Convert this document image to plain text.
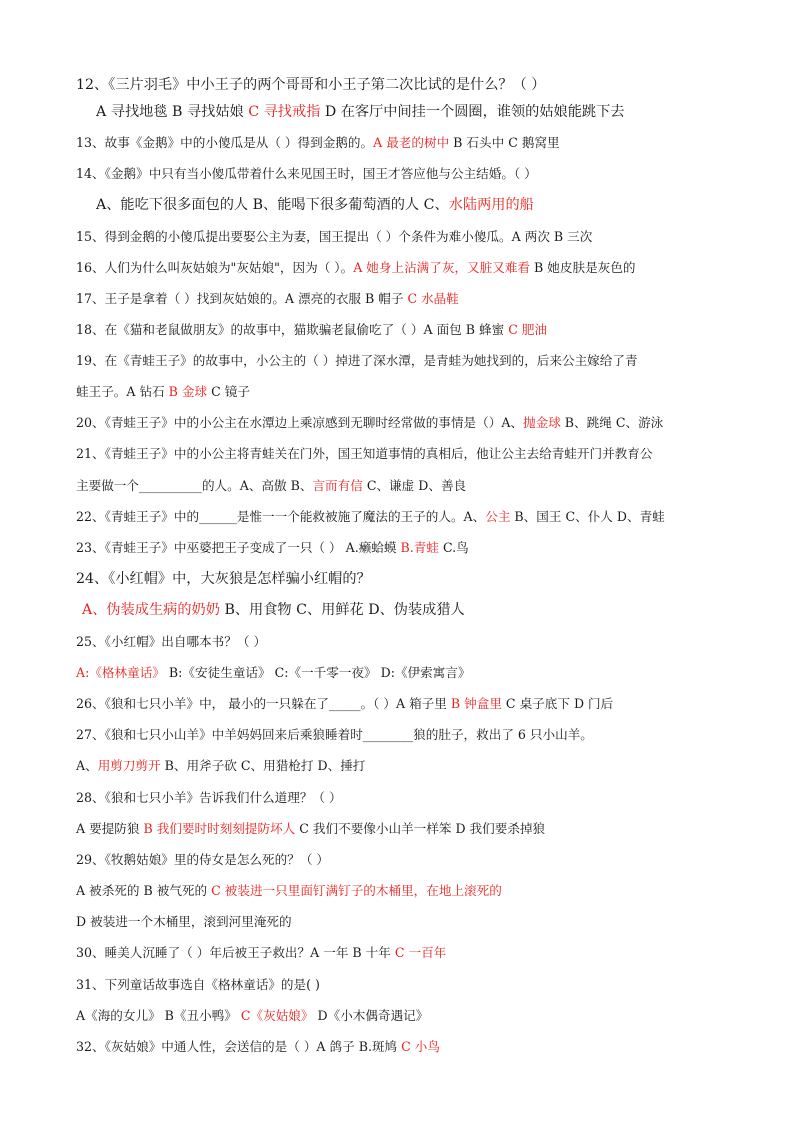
12、《三片羽毛》中小王子的两个哥哥和小王子第二次比试的是什么？（ ）
A 寻找地毯 B 寻找姑娘 C 寻找戒指 D 在客厅中间挂一个圆圈，谁领的姑娘能跳下去
13、故事《金鹅》中的小傻瓜是从（ ）得到金鹅的。A 最老的树中 B 石头中 C 鹅窝里
14、《金鹅》中只有当小傻瓜带着什么来见国王时，国王才答应他与公主结婚。（ ）
A、能吃下很多面包的人 B、能喝下很多葡萄酒的人 C、水陆两用的船
15、得到金鹅的小傻瓜提出要娶公主为妻，国王提出（ ）个条件为难小傻瓜。A 两次 B 三次
16、人们为什么叫灰姑娘为"灰姑娘"，因为（ ）。A 她身上沾满了灰，又脏又难看 B 她皮肤是灰色的
17、王子是拿着（ ）找到灰姑娘的。A 漂亮的衣服 B 帽子 C 水晶鞋
18、在《猫和老鼠做朋友》的故事中，猫欺骗老鼠偷吃了（ ）A 面包 B 蜂蜜 C 肥油
19、在《青蛙王子》的故事中，小公主的（ ）掉进了深水潭，是青蛙为她找到的，后来公主嫁给了青
蛙王子。A 钻石 B 金球 C 镜子
20、《青蛙王子》中的小公主在水潭边上乘凉感到无聊时经常做的事情是（）A、抛金球 B、跳绳 C、游泳
21、《青蛙王子》中的小公主将青蛙关在门外，国王知道事情的真相后，他让公主去给青蛙开门并教育公
主要做一个__________的人。A、高傲 B、言而有信 C、谦虚 D、善良
22、《青蛙王子》中的______是惟一一个能救被施了魔法的王子的人。A、公主 B、国王 C、仆人 D、青蛙
23、《青蛙王子》中巫婆把王子变成了一只（ ） A.癞蛤蟆 B.青蛙 C.鸟
24、《小红帽》中，大灰狼是怎样骗小红帽的？
A、伪装成生病的奶奶 B、用食物 C、用鲜花 D、伪装成猎人
25、《小红帽》出自哪本书？（ ）
A:《格林童话》 B:《安徒生童话》 C:《一千零一夜》 D:《伊索寓言》
26、《狼和七只小羊》中， 最小的一只躲在了_____。（ ）A 箱子里 B 钟盒里 C 桌子底下 D 门后
27、《狼和七只小山羊》中羊妈妈回来后乘狼睡着时________狼的肚子，救出了 6 只小山羊。
A、用剪刀剪开 B、用斧子砍 C、用猎枪打 D、捶打
28、《狼和七只小羊》告诉我们什么道理？（ ）
A 要提防狼 B 我们要时时刻刻提防坏人 C 我们不要像小山羊一样笨 D 我们要杀掉狼
29、《牧鹅姑娘》里的侍女是怎么死的？（ ）
A 被杀死的 B 被气死的 C 被装进一只里面钉满钉子的木桶里，在地上滚死的
D 被装进一个木桶里，滚到河里淹死的
30、睡美人沉睡了（ ）年后被王子救出？A 一年 B 十年 C 一百年
31、下列童话故事选自《格林童话》的是( )
A《海的女儿》 B《丑小鸭》 C《灰姑娘》 D《小木偶奇遇记》
32、《灰姑娘》中通人性，会送信的是（ ）A 鸽子 B.斑鸠 C 小鸟
